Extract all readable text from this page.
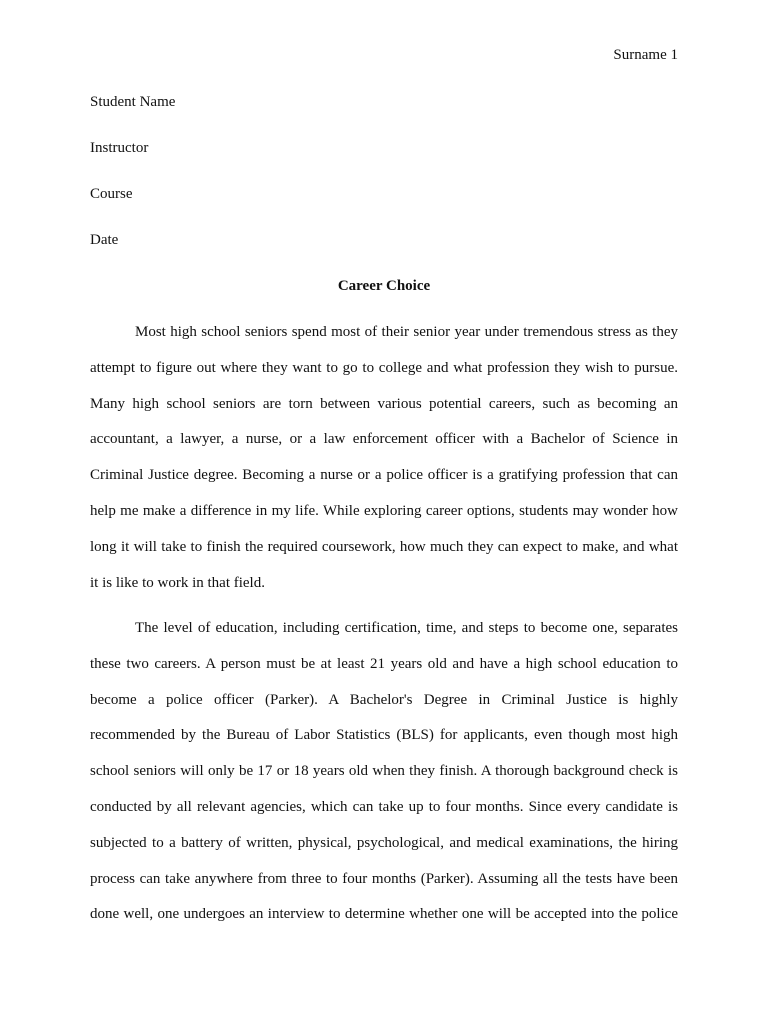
Surname 1
Student Name
Instructor
Course
Date
Career Choice
Most high school seniors spend most of their senior year under tremendous stress as they
attempt to figure out where they want to go to college and what profession they wish to pursue.
Many high school seniors are torn between various potential careers, such as becoming an
accountant, a lawyer, a nurse, or a law enforcement officer with a Bachelor of Science in
Criminal Justice degree. Becoming a nurse or a police officer is a gratifying profession that can
help me make a difference in my life. While exploring career options, students may wonder how
long it will take to finish the required coursework, how much they can expect to make, and what
it is like to work in that field.
The level of education, including certification, time, and steps to become one, separates
these two careers. A person must be at least 21 years old and have a high school education to
become a police officer (Parker). A Bachelor's Degree in Criminal Justice is highly
recommended by the Bureau of Labor Statistics (BLS) for applicants, even though most high
school seniors will only be 17 or 18 years old when they finish. A thorough background check is
conducted by all relevant agencies, which can take up to four months. Since every candidate is
subjected to a battery of written, physical, psychological, and medical examinations, the hiring
process can take anywhere from three to four months (Parker). Assuming all the tests have been
done well, one undergoes an interview to determine whether one will be accepted into the police
